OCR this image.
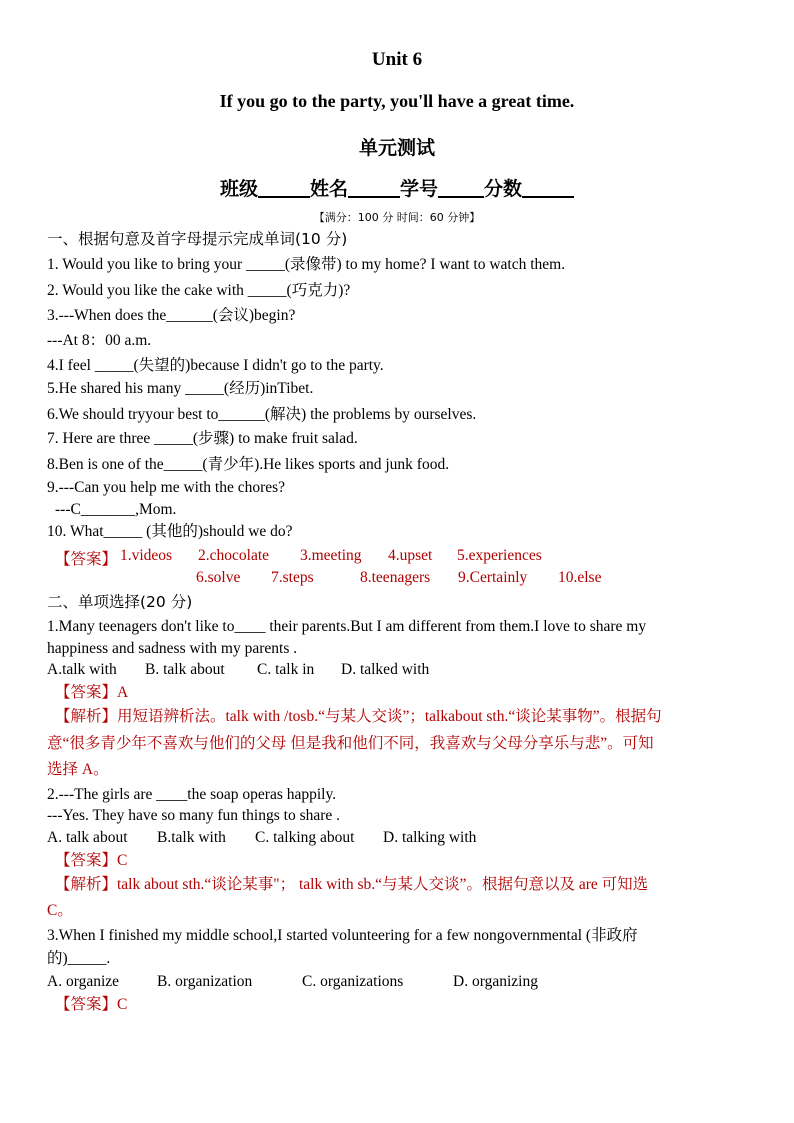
Unit 6
If you go to the party, you'll have a great time.
单元测试
班级	姓名	学号 分数
【满分：100 分 时间：60 分钟】
一、根据句意及首字母提示完成单词(10 分)
1. Would you like to bring your _____(录像带) to my home? I want to watch them.
2. Would you like the cake with _____(巧克力)?
3.---When does the______(会议)begin?
---At 8：00 a.m.
4.I feel _____(失望的)because I didn't go to the party.
5.He shared his many _____(经历)inTibet.
6.We should tryyour best to______(解决) the problems by ourselves.
7. Here are three _____(步骤) to make fruit salad.
8.Ben is one of the_____(青少年).He likes sports and junk food.
9.---Can you help me with the chores?
---C_______,Mom.
10. What_____ (其他的)should we do?
【答案】 1.videos 2.chocolate 3.meeting 4.upset 5.experiences
6.solve 7.steps	8.teenagers 9.Certainly 10.else
二、单项选择(20 分)
1.Many teenagers don't like to____ their parents.But I am different from them.I love to share my
happiness and sadness with my parents .
A.talk with B. talk about C. talk in D. talked with
【答案】A
【解析】用短语辨析法。talk with /tosb.“与某人交谈”；talkabout sth.“谈论某事物”。根据句
意“很多青少年不喜欢与他们的父母 但是我和他们不同，我喜欢与父母分享乐与悲”。可知
选择 A。
2.---The girls are ____the soap operas happily.
---Yes. They have so many fun things to share .
A. talk about B.talk with C. talking about D. talking with
【答案】C
【解析】talk about sth.“谈论某事"； talk with sb.“与某人交谈”。根据句意以及 are 可知选
C。
3.When I finished my middle school,I started volunteering for a few nongovernmental (非政府
的)_____.
A. organize B. organization	C. organizations	D. organizing
【答案】C
